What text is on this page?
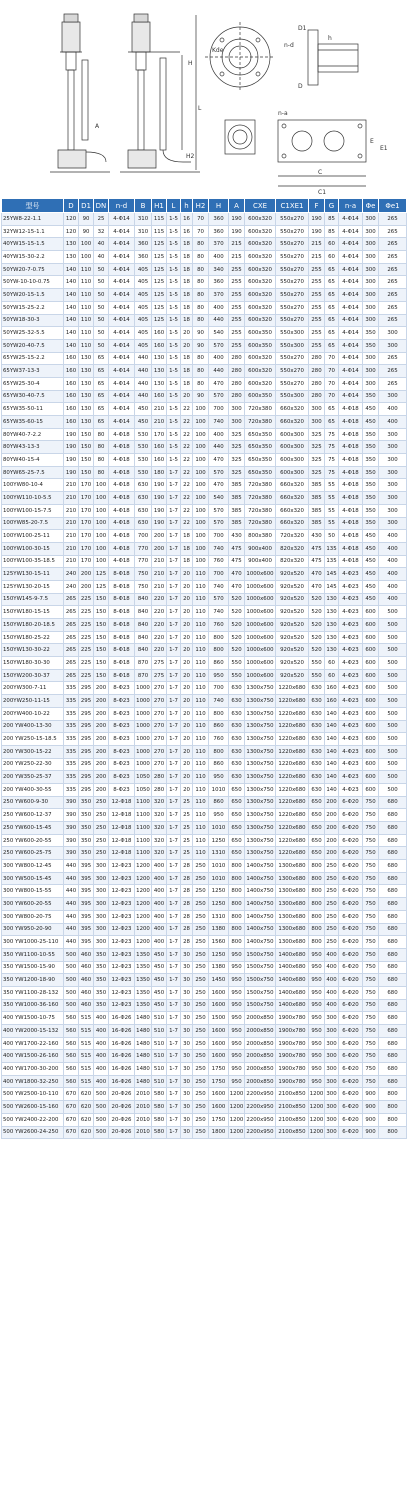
H
L
A
H2
n-d
h
D1
D
Kde
n-a
C
C1
E
E1
型号	D	D1	DN	n-d	B	H1	L	h	H2	H	A	CXE	C1XE1	F	G	n-a	Φe	Φe1
25YW8-22-1.1	120	90	25	4-Φ14	310	115	1-5	16	70	360	190	600x320	550x270	190	85	4-Φ14	300	265
32YW12-15-1.1	120	90	32	4-Φ14	310	115	1-5	16	70	360	190	600x320	550x270	190	85	4-Φ14	300	265
40YW15-15-1.5	130	100	40	4-Φ14	360	125	1-5	18	80	370	215	600x320	550x270	215	60	4-Φ14	300	265
40YW15-30-2.2	130	100	40	4-Φ14	360	125	1-5	18	80	400	215	600x320	550x270	215	60	4-Φ14	300	265
50YW20-7-0.75	140	110	50	4-Φ14	405	125	1-5	18	80	340	255	600x320	550x270	255	65	4-Φ14	300	265
50YW-10-10-0.75	140	110	50	4-Φ14	405	125	1-5	18	80	360	255	600x320	550x270	255	65	4-Φ14	300	265
50YW20-15-1.5	140	110	50	4-Φ14	405	125	1-5	18	80	370	255	600x320	550x270	255	65	4-Φ14	300	265
50YW15-25-2.2	140	110	50	4-Φ14	405	125	1-5	18	80	400	255	600x320	550x270	255	65	4-Φ14	300	265
50YW18-30-3	140	110	50	4-Φ14	405	125	1-5	18	80	440	255	600x320	550x270	255	65	4-Φ14	300	265
50YW25-32-5.5	140	110	50	4-Φ14	405	160	1-5	20	90	540	255	600x350	550x300	255	65	4-Φ14	350	300
50YW20-40-7.5	140	110	50	4-Φ14	405	160	1-5	20	90	570	255	600x350	550x300	255	65	4-Φ14	350	300
65YW25-15-2.2	160	130	65	4-Φ14	440	130	1-5	18	80	400	280	600x320	550x270	280	70	4-Φ14	300	265
65YW37-13-3	160	130	65	4-Φ14	440	130	1-5	18	80	440	280	600x320	550x270	280	70	4-Φ14	300	265
65YW25-30-4	160	130	65	4-Φ14	440	130	1-5	18	80	470	280	600x320	550x270	280	70	4-Φ14	300	265
65YW30-40-7.5	160	130	65	4-Φ14	440	160	1-5	20	90	570	280	600x350	550x300	280	70	4-Φ14	350	300
65YW35-50-11	160	130	65	4-Φ14	450	210	1-5	22	100	700	300	720x380	660x320	300	65	4-Φ18	450	400
65YW35-60-15	160	130	65	4-Φ14	450	210	1-5	22	100	740	300	720x380	660x320	300	65	4-Φ18	450	400
80YW40-7-2.2	190	150	80	4-Φ18	530	170	1-5	22	100	400	325	650x350	600x300	325	75	4-Φ18	350	300
80YW43-13-3	190	150	80	4-Φ18	530	160	1-5	22	100	440	325	650x350	600x300	325	75	4-Φ18	350	300
80YW40-15-4	190	150	80	4-Φ18	530	160	1-5	22	100	470	325	650x350	600x300	325	75	4-Φ18	350	300
80YW65-25-7.5	190	150	80	4-Φ18	530	180	1-7	22	100	570	325	650x350	600x300	325	75	4-Φ18	350	300
100YW80-10-4	210	170	100	4-Φ18	630	190	1-7	22	100	470	385	720x380	660x320	385	55	4-Φ18	350	300
100YW110-10-5.5	210	170	100	4-Φ18	630	190	1-7	22	100	540	385	720x380	660x320	385	55	4-Φ18	350	300
100YW100-15-7.5	210	170	100	4-Φ18	630	190	1-7	22	100	570	385	720x380	660x320	385	55	4-Φ18	350	300
100YW85-20-7.5	210	170	100	4-Φ18	630	190	1-7	22	100	570	385	720x380	660x320	385	55	4-Φ18	350	300
100YW100-25-11	210	170	100	4-Φ18	700	200	1-7	18	100	700	430	800x380	720x320	430	50	4-Φ18	450	400
100YW100-30-15	210	170	100	4-Φ18	770	200	1-7	18	100	740	475	900x400	820x320	475	135	4-Φ18	450	400
100YW100-35-18.5	210	170	100	4-Φ18	770	210	1-7	18	100	760	475	900x400	820x320	475	135	4-Φ18	450	400
125YW130-15-11	240	200	125	8-Φ18	750	210	1-7	20	110	700	470	1000x600	920x520	470	145	4-Φ23	450	400
125YW130-20-15	240	200	125	8-Φ18	750	210	1-7	20	110	740	470	1000x600	920x520	470	145	4-Φ23	450	400
150YW145-9-7.5	265	225	150	8-Φ18	840	220	1-7	20	110	570	520	1000x600	920x520	520	130	4-Φ23	450	400
150YW180-15-15	265	225	150	8-Φ18	840	220	1-7	20	110	740	520	1000x600	920x520	520	130	4-Φ23	600	500
150YW180-20-18.5	265	225	150	8-Φ18	840	220	1-7	20	110	760	520	1000x600	920x520	520	130	4-Φ23	600	500
150YW180-25-22	265	225	150	8-Φ18	840	220	1-7	20	110	800	520	1000x600	920x520	520	130	4-Φ23	600	500
150YW130-30-22	265	225	150	8-Φ18	840	220	1-7	20	110	800	520	1000x600	920x520	520	130	4-Φ23	600	500
150YW180-30-30	265	225	150	8-Φ18	870	275	1-7	20	110	860	550	1000x600	920x520	550	60	4-Φ23	600	500
150YW200-30-37	265	225	150	8-Φ18	870	275	1-7	20	110	950	550	1000x600	920x520	550	60	4-Φ23	600	500
200YW300-7-11	335	295	200	8-Φ23	1000	270	1-7	20	110	700	630	1300x750	1220x680	630	160	4-Φ23	600	500
200YW250-11-15	335	295	200	8-Φ23	1000	270	1-7	20	110	740	630	1300x750	1220x680	630	160	4-Φ23	600	500
200YW400-10-22	335	295	200	8-Φ23	1000	270	1-7	20	110	800	630	1300x750	1220x680	630	140	4-Φ23	600	500
200 YW400-13-30	335	295	200	8-Φ23	1000	270	1-7	20	110	860	630	1300x750	1220x680	630	140	4-Φ23	600	500
200 YW250-15-18.5	335	295	200	8-Φ23	1000	270	1-7	20	110	760	630	1300x750	1220x680	630	140	4-Φ23	600	500
200 YW300-15-22	335	295	200	8-Φ23	1000	270	1-7	20	110	800	630	1300x750	1220x680	630	140	4-Φ23	600	500
200 YW250-22-30	335	295	200	8-Φ23	1000	270	1-7	20	110	860	630	1300x750	1220x680	630	140	4-Φ23	600	500
200 YW350-25-37	335	295	200	8-Φ23	1050	280	1-7	20	110	950	630	1300x750	1220x680	630	140	4-Φ23	600	500
200 YW400-30-55	335	295	200	8-Φ23	1050	280	1-7	20	110	1010	650	1300x750	1220x680	630	140	4-Φ23	600	500
250 YW600-9-30	390	350	250	12-Φ18	1100	320	1-7	25	110	860	650	1300x750	1220x680	650	200	6-Φ20	750	680
250 YW600-12-37	390	350	250	12-Φ18	1100	320	1-7	25	110	950	650	1300x750	1220x680	650	200	6-Φ20	750	680
250 YW600-15-45	390	350	250	12-Φ18	1100	320	1-7	25	110	1010	650	1300x750	1220x680	650	200	6-Φ20	750	680
250 YW600-20-55	390	350	250	12-Φ18	1100	320	1-7	25	110	1250	650	1300x750	1220x680	650	200	6-Φ20	750	680
250 YW600-25-75	390	350	250	12-Φ18	1100	320	1-7	25	110	1310	650	1300x750	1220x680	650	200	6-Φ20	750	680
300 YW800-12-45	440	395	300	12-Φ23	1200	400	1-7	28	250	1010	800	1400x750	1300x680	800	250	6-Φ20	750	680
300 YW500-15-45	440	395	300	12-Φ23	1200	400	1-7	28	250	1010	800	1400x750	1300x680	800	250	6-Φ20	750	680
300 YW800-15-55	440	395	300	12-Φ23	1200	400	1-7	28	250	1250	800	1400x750	1300x680	800	250	6-Φ20	750	680
300 YW600-20-55	440	395	300	12-Φ23	1200	400	1-7	28	250	1250	800	1400x750	1300x680	800	250	6-Φ20	750	680
300 YW800-20-75	440	395	300	12-Φ23	1200	400	1-7	28	250	1310	800	1400x750	1300x680	800	250	6-Φ20	750	680
300 YW950-20-90	440	395	300	12-Φ23	1200	400	1-7	28	250	1380	800	1400x750	1300x680	800	250	6-Φ20	750	680
300 YW1000-25-110	440	395	300	12-Φ23	1200	400	1-7	28	250	1560	800	1400x750	1300x680	800	250	6-Φ20	750	680
350 YW1100-10-55	500	460	350	12-Φ23	1350	450	1-7	30	250	1250	950	1500x750	1400x680	950	400	6-Φ20	750	680
350 YW1500-15-90	500	460	350	12-Φ23	1350	450	1-7	30	250	1380	950	1500x750	1400x680	950	400	6-Φ20	750	680
350 YW1200-18-90	500	460	350	12-Φ23	1350	450	1-7	30	250	1450	950	1500x750	1400x680	950	400	6-Φ20	750	680
350 YW1100-28-132	500	460	350	12-Φ23	1350	450	1-7	30	250	1600	950	1500x750	1400x680	950	400	6-Φ20	750	680
350 YW1000-36-160	500	460	350	12-Φ23	1350	450	1-7	30	250	1600	950	1500x750	1400x680	950	400	6-Φ20	750	680
400 YW1500-10-75	560	515	400	16-Φ26	1480	510	1-7	30	250	1500	950	2000x850	1900x780	950	300	6-Φ20	750	680
400 YW2000-15-132	560	515	400	16-Φ26	1480	510	1-7	30	250	1600	950	2000x850	1900x780	950	300	6-Φ20	750	680
400 YW1700-22-160	560	515	400	16-Φ26	1480	510	1-7	30	250	1600	950	2000x850	1900x780	950	300	6-Φ20	750	680
400 YW1500-26-160	560	515	400	16-Φ26	1480	510	1-7	30	250	1600	950	2000x850	1900x780	950	300	6-Φ20	750	680
400 YW1700-30-200	560	515	400	16-Φ26	1480	510	1-7	30	250	1750	950	2000x850	1900x780	950	300	6-Φ20	750	680
400 YW1800-32-250	560	515	400	16-Φ26	1480	510	1-7	30	250	1750	950	2000x850	1900x780	950	300	6-Φ20	750	680
500 YW2500-10-110	670	620	500	20-Φ26	2010	580	1-7	30	250	1600	1200	2200x950	2100x850	1200	300	6-Φ20	900	800
500 YW2600-15-160	670	620	500	20-Φ26	2010	580	1-7	30	250	1600	1200	2200x950	2100x850	1200	300	6-Φ20	900	800
500 YW2400-22-200	670	620	500	20-Φ26	2010	580	1-7	30	250	1750	1200	2200x950	2100x850	1200	300	6-Φ20	900	800
500 YW2600-24-250	670	620	500	20-Φ26	2010	580	1-7	30	250	1800	1200	2200x950	2100x850	1200	300	6-Φ20	900	800
